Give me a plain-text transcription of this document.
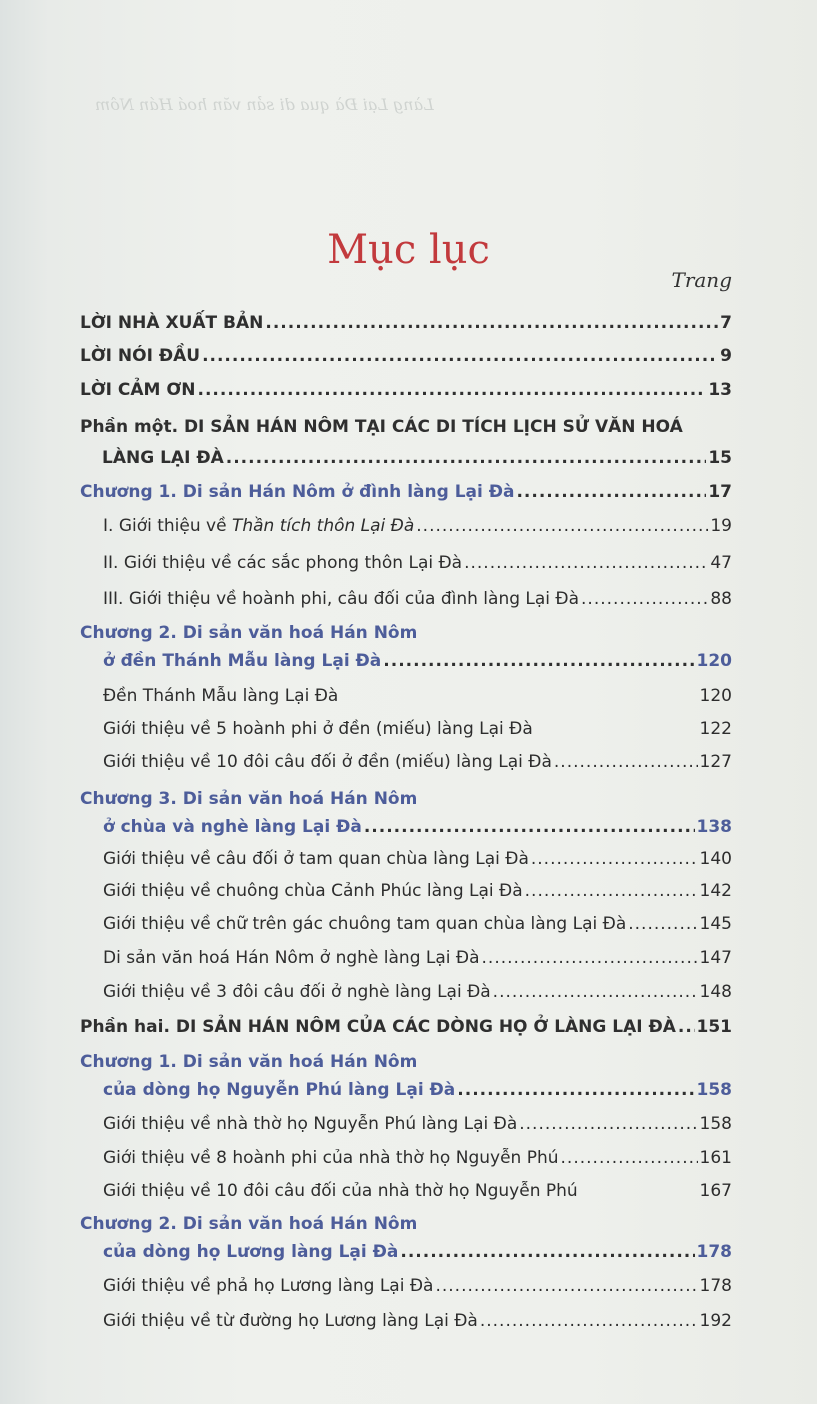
Làng Lại Đà qua di sản văn hoá Hán Nôm
Mục lục
Trang
LỜI NHÀ XUẤT BẢN .....	7
LỜI NÓI ĐẦU .....	9
LỜI CẢM ƠN .....	13
Phần một. DI SẢN HÁN NÔM TẠI CÁC DI TÍCH LỊCH SỬ VĂN HOÁ
LÀNG LẠI ĐÀ .....	15
Chương 1. Di sản Hán Nôm ở đình làng Lại Đà .....	17
I. Giới thiệu về Thần tích thôn Lại Đà .....	19
II. Giới thiệu về các sắc phong thôn Lại Đà .....	47
III. Giới thiệu về hoành phi, câu đối của đình làng Lại Đà .....	88
Chương 2. Di sản văn hoá Hán Nôm
ở đền Thánh Mẫu làng Lại Đà .....	120
Đền Thánh Mẫu làng Lại Đà	120
Giới thiệu về 5 hoành phi ở đền (miếu) làng Lại Đà	122
Giới thiệu về 10 đôi câu đối ở đền (miếu) làng Lại Đà .....	127
Chương 3. Di sản văn hoá Hán Nôm
ở chùa và nghè làng Lại Đà .....	138
Giới thiệu về câu đối ở tam quan chùa làng Lại Đà .....	140
Giới thiệu về chuông chùa Cảnh Phúc làng Lại Đà .....	142
Giới thiệu về chữ trên gác chuông tam quan chùa làng Lại Đà .....	145
Di sản văn hoá Hán Nôm ở nghè làng Lại Đà .....	147
Giới thiệu về 3 đôi câu đối ở nghè làng Lại Đà .....	148
Phần hai. DI SẢN HÁN NÔM CỦA CÁC DÒNG HỌ Ở LÀNG LẠI ĐÀ ..... 151
Chương 1. Di sản văn hoá Hán Nôm
của dòng họ Nguyễn Phú làng Lại Đà .....	158
Giới thiệu về nhà thờ họ Nguyễn Phú làng Lại Đà .....	158
Giới thiệu về 8 hoành phi của nhà thờ họ Nguyễn Phú .....	161
Giới thiệu về 10 đôi câu đối của nhà thờ họ Nguyễn Phú	167
Chương 2. Di sản văn hoá Hán Nôm
của dòng họ Lương làng Lại Đà .....	178
Giới thiệu về phả họ Lương làng Lại Đà .....	178
Giới thiệu về từ đường họ Lương làng Lại Đà .....	192
